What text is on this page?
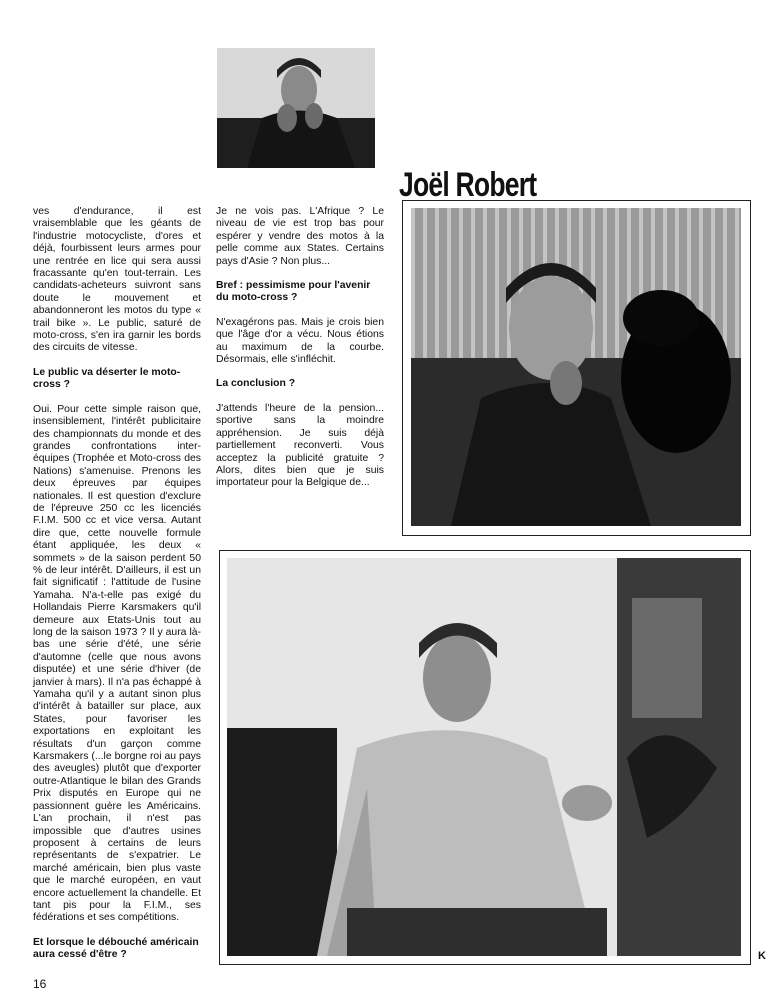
Joël Robert

ves d'endurance, il est vraisemblable que les géants de l'industrie motocycliste, d'ores et déjà, fourbissent leurs armes pour une rentrée en lice qui sera aussi fracassante qu'en tout-terrain. Les candidats-acheteurs suivront sans doute le mouvement et abandonneront les motos du type « trail bike ». Le public, saturé de moto-cross, s'en ira garnir les bords des circuits de vitesse.

Le public va déserter le moto-cross ?

Oui. Pour cette simple raison que, insensiblement, l'intérêt publicitaire des championnats du monde et des grandes confrontations inter-équipes (Trophée et Moto-cross des Nations) s'amenuise. Prenons les deux épreuves par équipes nationales. Il est question d'exclure de l'épreuve 250 cc les licenciés F.I.M. 500 cc et vice versa. Autant dire que, cette nouvelle formule étant appliquée, les deux « sommets » de la saison perdent 50 % de leur intérêt. D'ailleurs, il est un fait significatif : l'attitude de l'usine Yamaha. N'a-t-elle pas exigé du Hollandais Pierre Karsmakers qu'il demeure aux Etats-Unis tout au long de la saison 1973 ? Il y aura là-bas une série d'été, une série d'automne (celle que nous avons disputée) et une série d'hiver (de janvier à mars). Il n'a pas échappé à Yamaha qu'il y a autant sinon plus d'intérêt à batailler sur place, aux States, pour favoriser les exportations en exploitant les résultats d'un garçon comme Karsmakers (...le borgne roi au pays des aveugles) plutôt que d'exporter outre-Atlantique le bilan des Grands Prix disputés en Europe qui ne passionnent guère les Américains. L'an prochain, il n'est pas impossible que d'autres usines proposent à certains de leurs représentants de s'expatrier. Le marché américain, bien plus vaste que le marché européen, en vaut encore actuellement la chandelle. Et tant pis pour la F.I.M., ses fédérations et ses compétitions.

Et lorsque le débouché américain aura cessé d'être ?

Je ne vois pas. L'Afrique ? Le niveau de vie est trop bas pour espérer y vendre des motos à la pelle comme aux States. Certains pays d'Asie ? Non plus...

Bref : pessimisme pour l'avenir du moto-cross ?

N'exagérons pas. Mais je crois bien que l'âge d'or a vécu. Nous étions au maximum de la courbe. Désormais, elle s'infléchit.

La conclusion ?

J'attends l'heure de la pension... sportive sans la moindre appréhension. Je suis déjà partiellement reconverti. Vous acceptez la publicité gratuite ? Alors, dites bien que je suis importateur pour la Belgique de...

16
K
